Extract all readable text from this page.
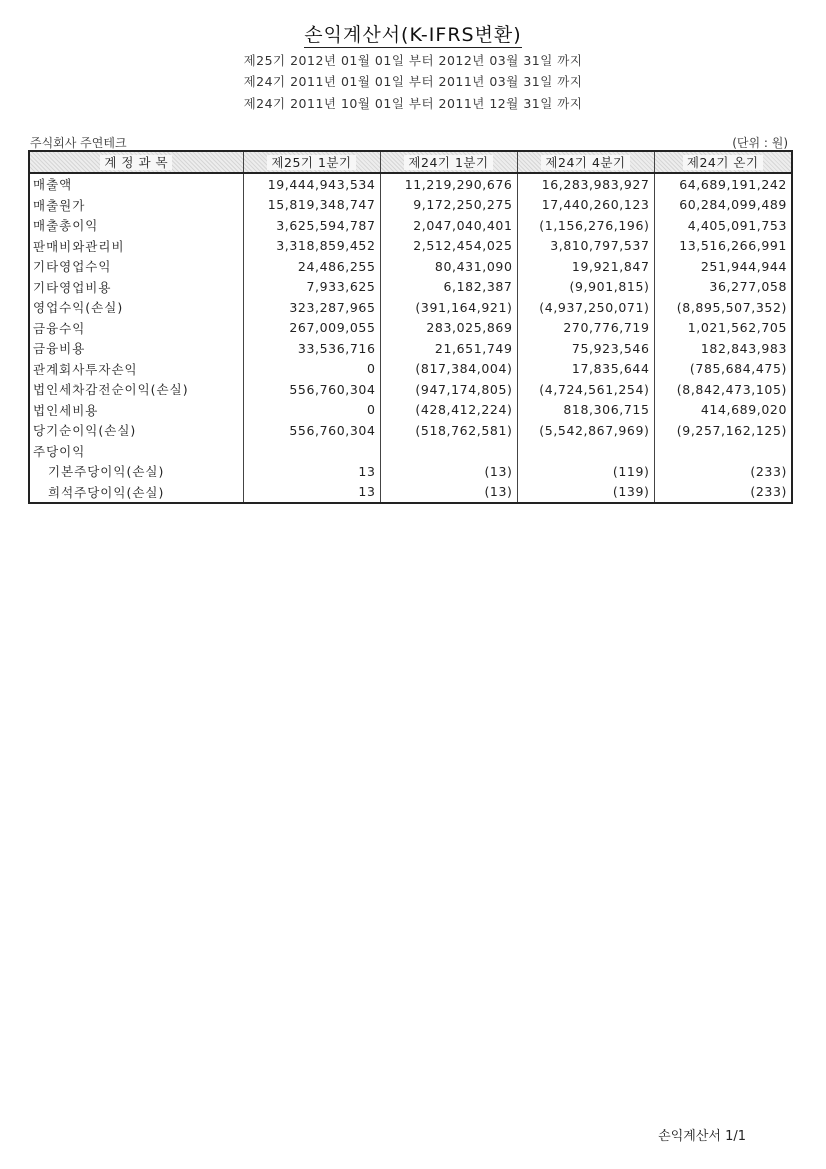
손익계산서(K-IFRS변환)
제25기 2012년 01월 01일 부터 2012년 03월 31일 까지
제24기 2011년 01월 01일 부터 2011년 03월 31일 까지
제24기 2011년 10월 01일 부터 2011년 12월 31일 까지
주식회사 주연테크	(단위 : 원)
계 정 과 목	제25기 1분기	제24기 1분기	제24기 4분기	제24기 온기
매출액	19,444,943,534	11,219,290,676	16,283,983,927	64,689,191,242
매출원가	15,819,348,747	9,172,250,275	17,440,260,123	60,284,099,489
매출총이익	3,625,594,787	2,047,040,401	(1,156,276,196)	4,405,091,753
판매비와관리비	3,318,859,452	2,512,454,025	3,810,797,537	13,516,266,991
기타영업수익	24,486,255	80,431,090	19,921,847	251,944,944
기타영업비용	7,933,625	6,182,387	(9,901,815)	36,277,058
영업수익(손실)	323,287,965	(391,164,921)	(4,937,250,071)	(8,895,507,352)
금융수익	267,009,055	283,025,869	270,776,719	1,021,562,705
금융비용	33,536,716	21,651,749	75,923,546	182,843,983
관계회사투자손익	0	(817,384,004)	17,835,644	(785,684,475)
법인세차감전순이익(손실)	556,760,304	(947,174,805)	(4,724,561,254)	(8,842,473,105)
법인세비용	0	(428,412,224)	818,306,715	414,689,020
당기순이익(손실)	556,760,304	(518,762,581)	(5,542,867,969)	(9,257,162,125)
주당이익				
기본주당이익(손실)	13	(13)	(119)	(233)
희석주당이익(손실)	13	(13)	(139)	(233)
손익계산서 1/1
